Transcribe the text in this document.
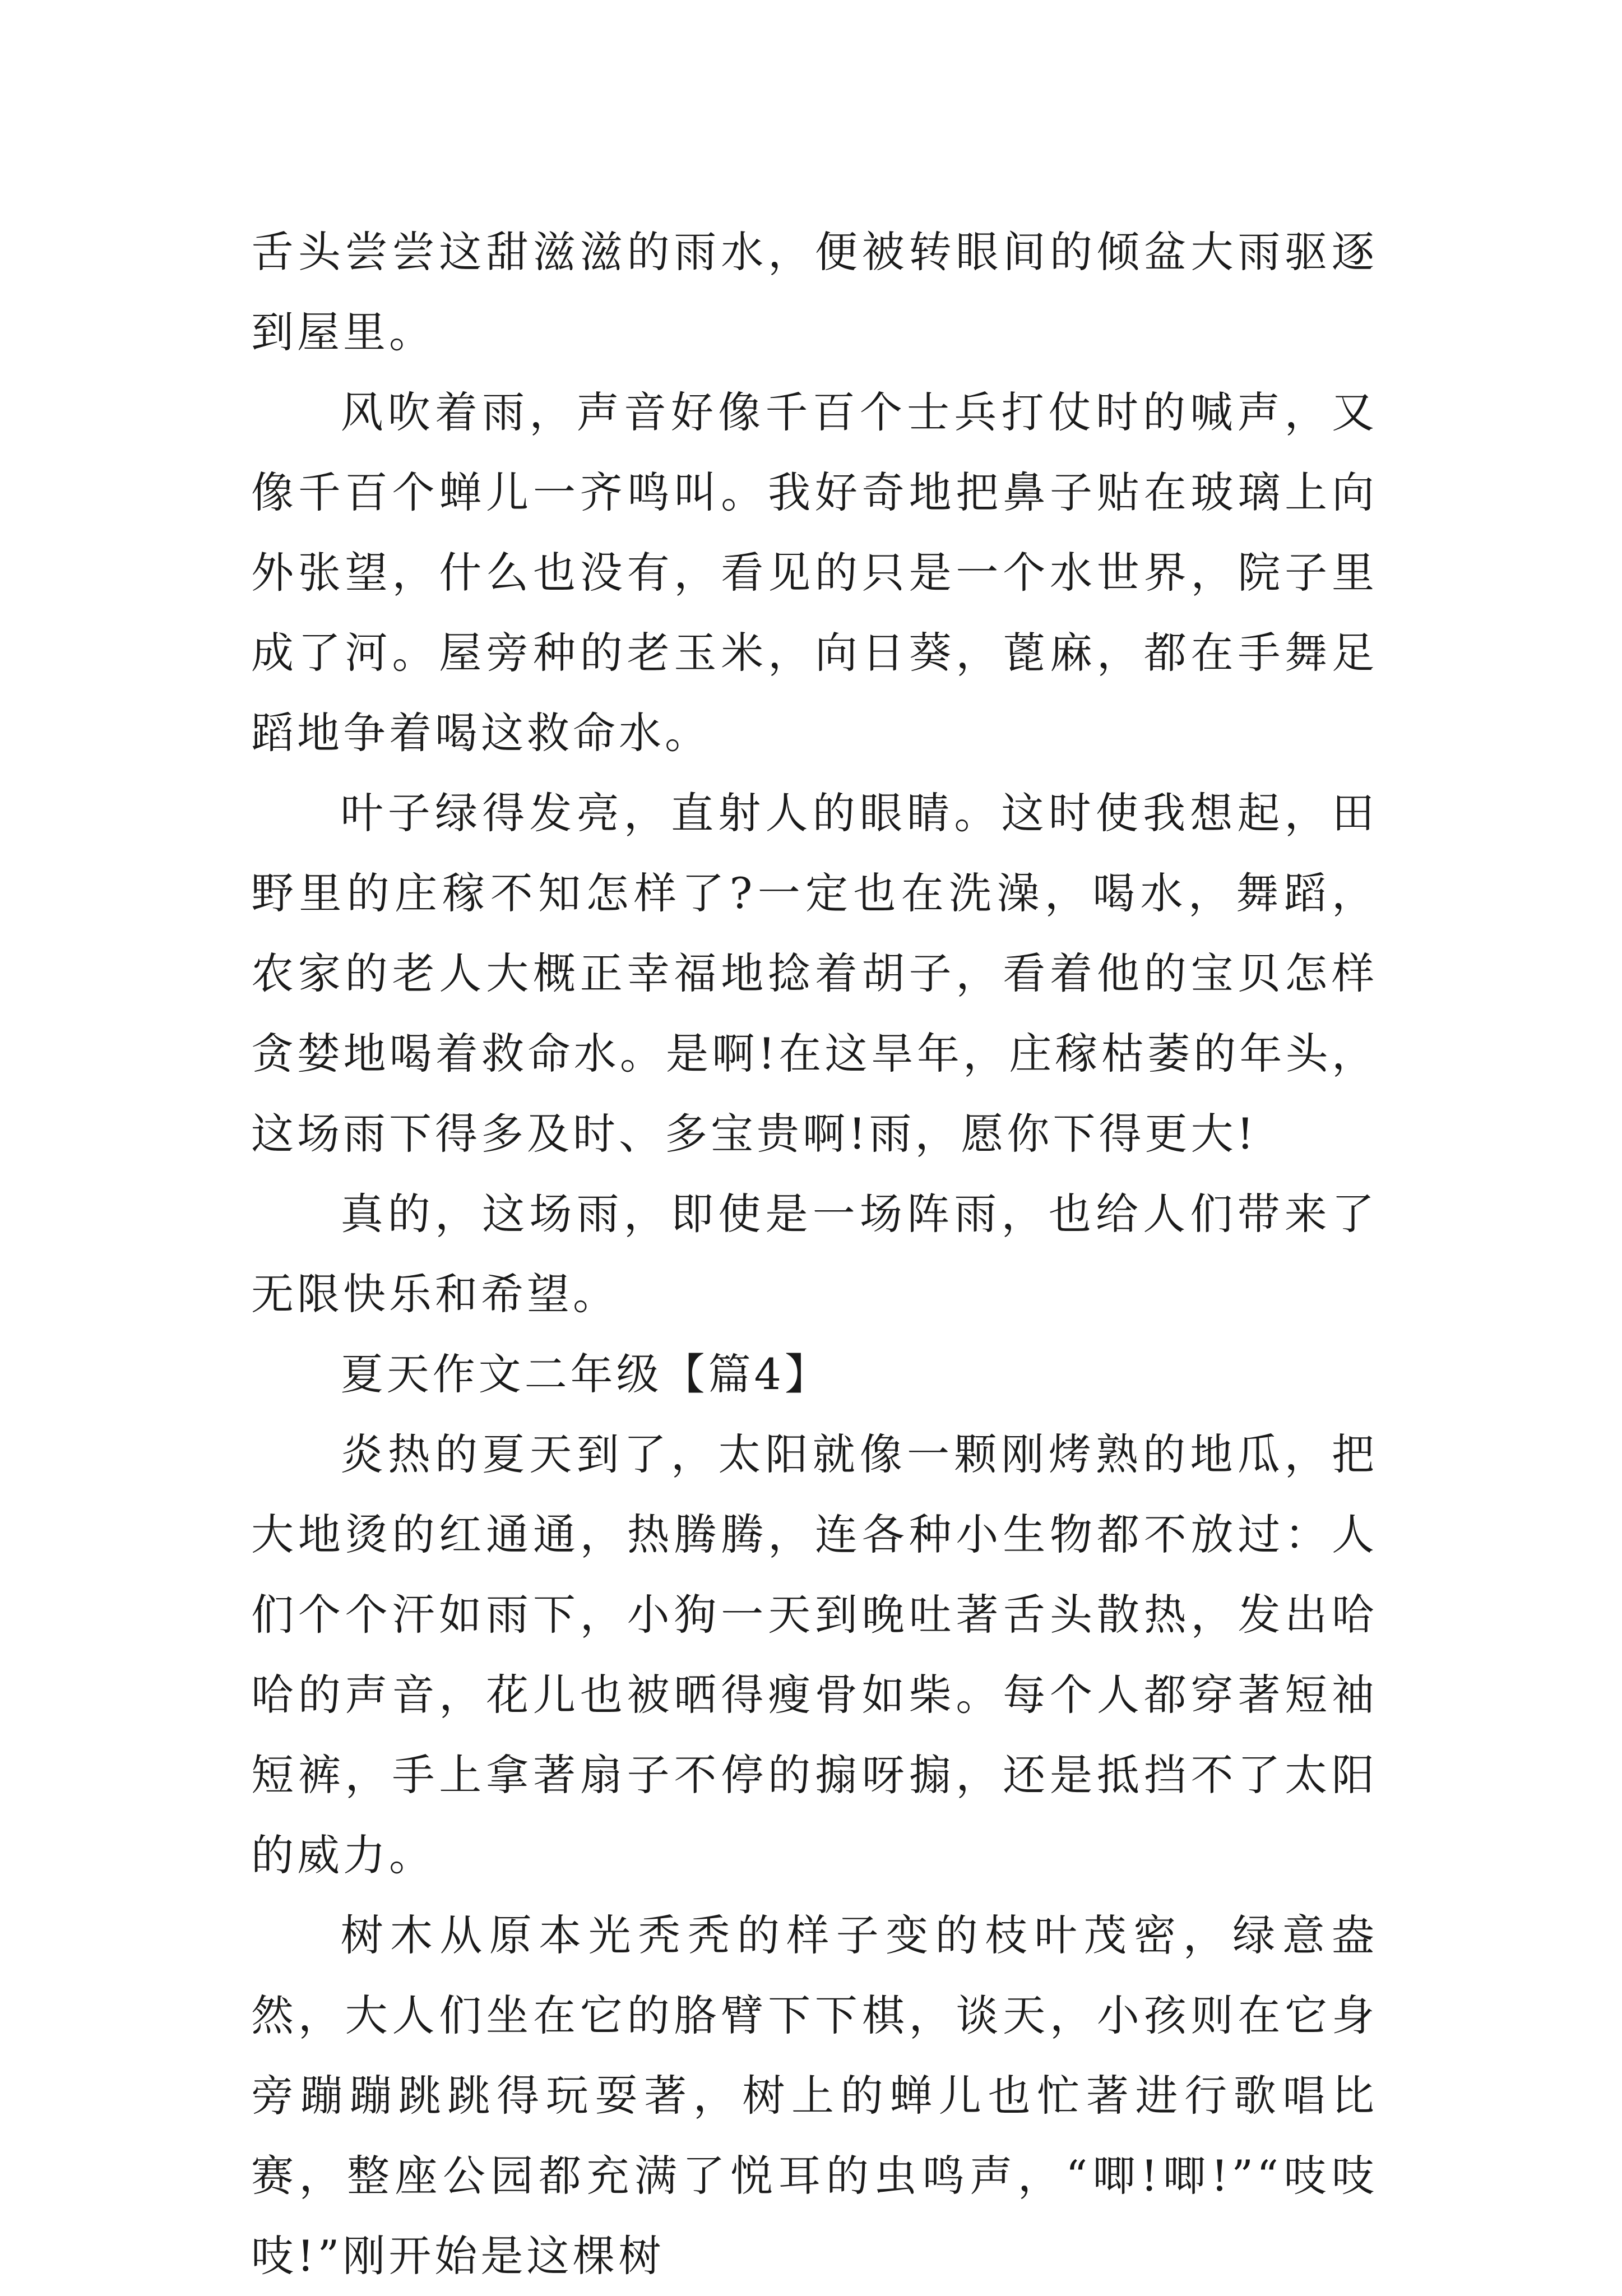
舌头尝尝这甜滋滋的雨水，便被转眼间的倾盆大雨驱逐到屋里。

风吹着雨，声音好像千百个士兵打仗时的喊声，又像千百个蝉儿一齐鸣叫。我好奇地把鼻子贴在玻璃上向外张望，什么也没有，看见的只是一个水世界，院子里成了河。屋旁种的老玉米，向日葵，蓖麻，都在手舞足蹈地争着喝这救命水。

叶子绿得发亮，直射人的眼睛。这时使我想起，田野里的庄稼不知怎样了?一定也在洗澡，喝水，舞蹈，农家的老人大概正幸福地捻着胡子，看着他的宝贝怎样贪婪地喝着救命水。是啊!在这旱年，庄稼枯萎的年头，这场雨下得多及时、多宝贵啊!雨，愿你下得更大!

真的，这场雨，即使是一场阵雨，也给人们带来了无限快乐和希望。

夏天作文二年级【篇4】

炎热的夏天到了，太阳就像一颗刚烤熟的地瓜，把大地烫的红通通，热腾腾，连各种小生物都不放过：人们个个汗如雨下，小狗一天到晚吐著舌头散热，发出哈哈的声音，花儿也被晒得瘦骨如柴。每个人都穿著短袖短裤，手上拿著扇子不停的搧呀搧，还是抵挡不了太阳的威力。

树木从原本光秃秃的样子变的枝叶茂密，绿意盎然，大人们坐在它的胳臂下下棋，谈天，小孩则在它身旁蹦蹦跳跳得玩耍著，树上的蝉儿也忙著进行歌唱比赛，整座公园都充满了悦耳的虫鸣声，“唧!唧!”“吱吱吱!”刚开始是这棵树
